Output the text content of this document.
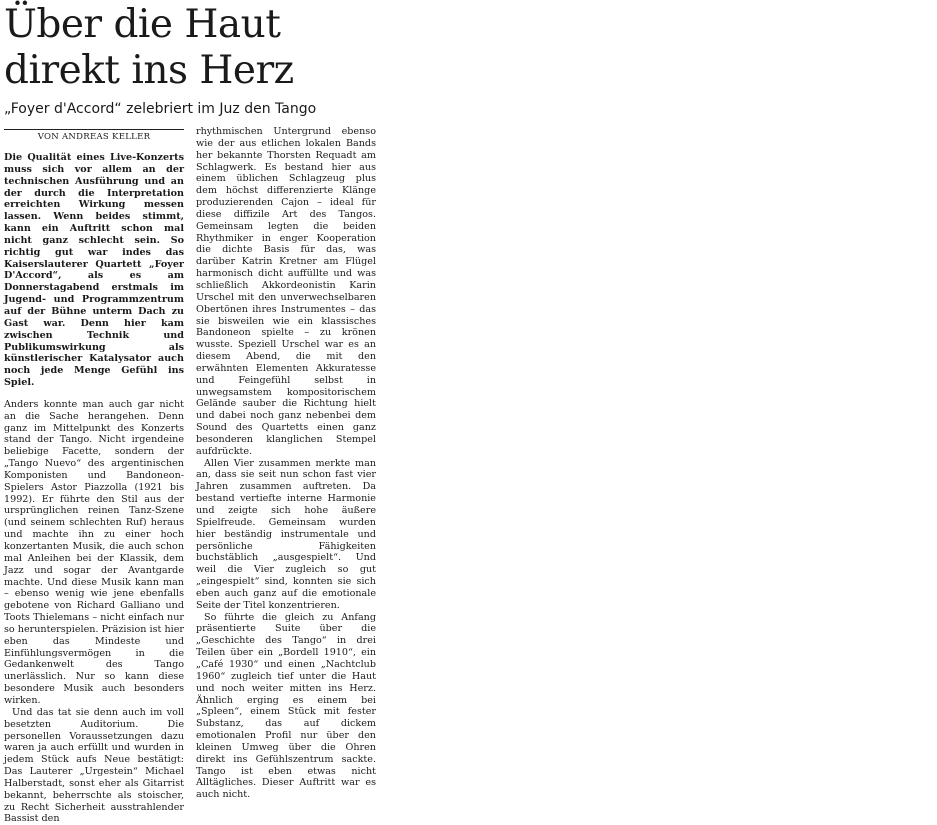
Über die Haut
direkt ins Herz

„Foyer d'Accord“ zelebriert im Juz den Tango

VON ANDREAS KELLER

Die Qualität eines Live-Konzerts muss sich vor allem an der technischen Ausführung und an der durch die Interpretation erreichten Wirkung messen lassen. Wenn beides stimmt, kann ein Auftritt schon mal nicht ganz schlecht sein. So richtig gut war indes das Kaiserslauterer Quartett „Foyer D'Accord“, als es am Donnerstagabend erstmals im Jugend- und Programmzentrum auf der Bühne unterm Dach zu Gast war. Denn hier kam zwischen Technik und Publikumswirkung als künstlerischer Katalysator auch noch jede Menge Gefühl ins Spiel.

Anders konnte man auch gar nicht an die Sache herangehen. Denn ganz im Mittelpunkt des Konzerts stand der Tango. Nicht irgendeine beliebige Facette, sondern der „Tango Nuevo“ des argentinischen Komponisten und Bandoneon-Spielers Astor Piazzolla (1921 bis 1992). Er führte den Stil aus der ursprünglichen reinen Tanz-Szene (und seinem schlechten Ruf) heraus und machte ihn zu einer hoch konzertanten Musik, die auch schon mal Anleihen bei der Klassik, dem Jazz und sogar der Avantgarde machte. Und diese Musik kann man – ebenso wenig wie jene ebenfalls gebotene von Richard Galliano und Toots Thielemans – nicht einfach nur so herunterspielen. Präzision ist hier eben das Mindeste und Einfühlungsvermögen in die Gedankenwelt des Tango unerlässlich. Nur so kann diese besondere Musik auch besonders wirken.

Und das tat sie denn auch im voll besetzten Auditorium. Die personellen Voraussetzungen dazu waren ja auch erfüllt und wurden in jedem Stück aufs Neue bestätigt: Das Lauterer „Urgestein“ Michael Halberstadt, sonst eher als Gitarrist bekannt, beherrschte als stoischer, zu Recht Sicherheit ausstrahlender Bassist den

rhythmischen Untergrund ebenso wie der aus etlichen lokalen Bands her bekannte Thorsten Requadt am Schlagwerk. Es bestand hier aus einem üblichen Schlagzeug plus dem höchst differenzierte Klänge produzierenden Cajon – ideal für diese diffizile Art des Tangos. Gemeinsam legten die beiden Rhythmiker in enger Kooperation die dichte Basis für das, was darüber Katrin Kretner am Flügel harmonisch dicht auffüllte und was schließlich Akkordeonistin Karin Urschel mit den unverwechselbaren Obertönen ihres Instrumentes – das sie bisweilen wie ein klassisches Bandoneon spielte – zu krönen wusste. Speziell Urschel war es an diesem Abend, die mit den erwähnten Elementen Akkuratesse und Feingefühl selbst in unwegsamstem kompositorischem Gelände sauber die Richtung hielt und dabei noch ganz nebenbei dem Sound des Quartetts einen ganz besonderen klanglichen Stempel aufdrückte.

Allen Vier zusammen merkte man an, dass sie seit nun schon fast vier Jahren zusammen auftreten. Da bestand vertiefte interne Harmonie und zeigte sich hohe äußere Spielfreude. Gemeinsam wurden hier beständig instrumentale und persönliche Fähigkeiten buchstäblich „ausgespielt“. Und weil die Vier zugleich so gut „eingespielt“ sind, konnten sie sich eben auch ganz auf die emotionale Seite der Titel konzentrieren.

So führte die gleich zu Anfang präsentierte Suite über die „Geschichte des Tango“ in drei Teilen über ein „Bordell 1910“, ein „Café 1930“ und einen „Nachtclub 1960“ zugleich tief unter die Haut und noch weiter mitten ins Herz. Ähnlich erging es einem bei „Spleen“, einem Stück mit fester Substanz, das auf dickem emotionalen Profil nur über den kleinen Umweg über die Ohren direkt ins Gefühlszentrum sackte. Tango ist eben etwas nicht Alltägliches. Dieser Auftritt war es auch nicht.
